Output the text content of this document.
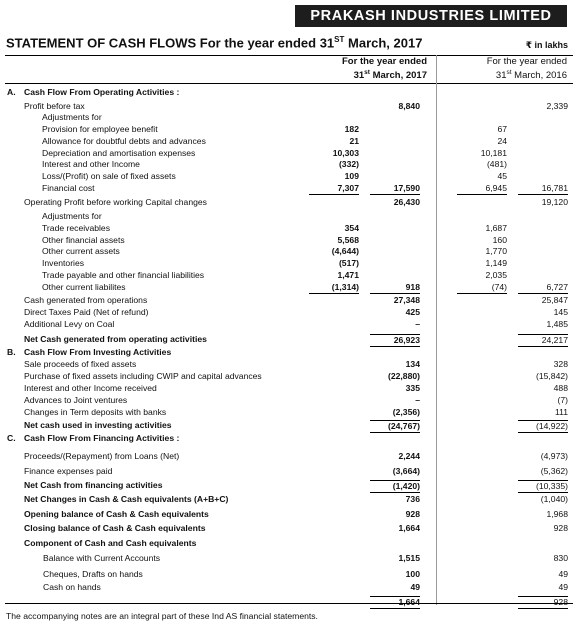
PRAKASH INDUSTRIES LIMITED
STATEMENT OF CASH FLOWS For the year ended 31ST March, 2017	₹ in lakhs
For the year ended
31st March, 2017
For the year ended
31st March, 2016
A. Cash Flow From Operating Activities :
Profit before tax	8,840	2,339
Adjustments for
Provision for employee benefit	182	67
Allowance for doubtful debts and advances	21	24
Depreciation and amortisation expenses	10,303	10,181
Interest and other Income	(332)	(481)
Loss/(Profit) on sale of fixed assets	109	45
Financial cost	7,307	17,590	6,945	16,781
Operating Profit before working Capital changes	26,430	19,120
Adjustments for
Trade receivables	354	1,687
Other financial assets	5,568	160
Other current assets	(4,644)	1,770
Inventories	(517)	1,149
Trade payable and other financial liabilities	1,471	2,035
Other current liabilites	(1,314)	918	(74)	6,727
Cash generated from operations	27,348	25,847
Direct Taxes Paid (Net of refund)	425	145
Additional Levy on Coal	–	1,485
Net Cash generated from operating activities	26,923	24,217
B. Cash Flow From Investing Activities
Sale proceeds of fixed assets	134	328
Purchase of fixed assets including CWIP and capital advances	(22,880)	(15,842)
Interest and other Income received	335	488
Advances to Joint ventures	–	(7)
Changes in Term deposits with banks	(2,356)	111
Net cash used in investing activities	(24,767)	(14,922)
C. Cash Flow From Financing Activities :
Proceeds/(Repayment) from Loans (Net)	2,244	(4,973)
Finance expenses paid	(3,664)	(5,362)
Net Cash from financing activities	(1,420)	(10,335)
Net Changes in Cash & Cash equivalents (A+B+C)	736	(1,040)
Opening balance of Cash & Cash equivalents	928	1,968
Closing balance of Cash & Cash equivalents	1,664	928
Component of Cash and Cash equivalents
Balance with Current Accounts	1,515	830
Cheques, Drafts on hands	100	49
Cash on hands	49	49
1,664	928
The accompanying notes are an integral part of these Ind AS financial statements.
